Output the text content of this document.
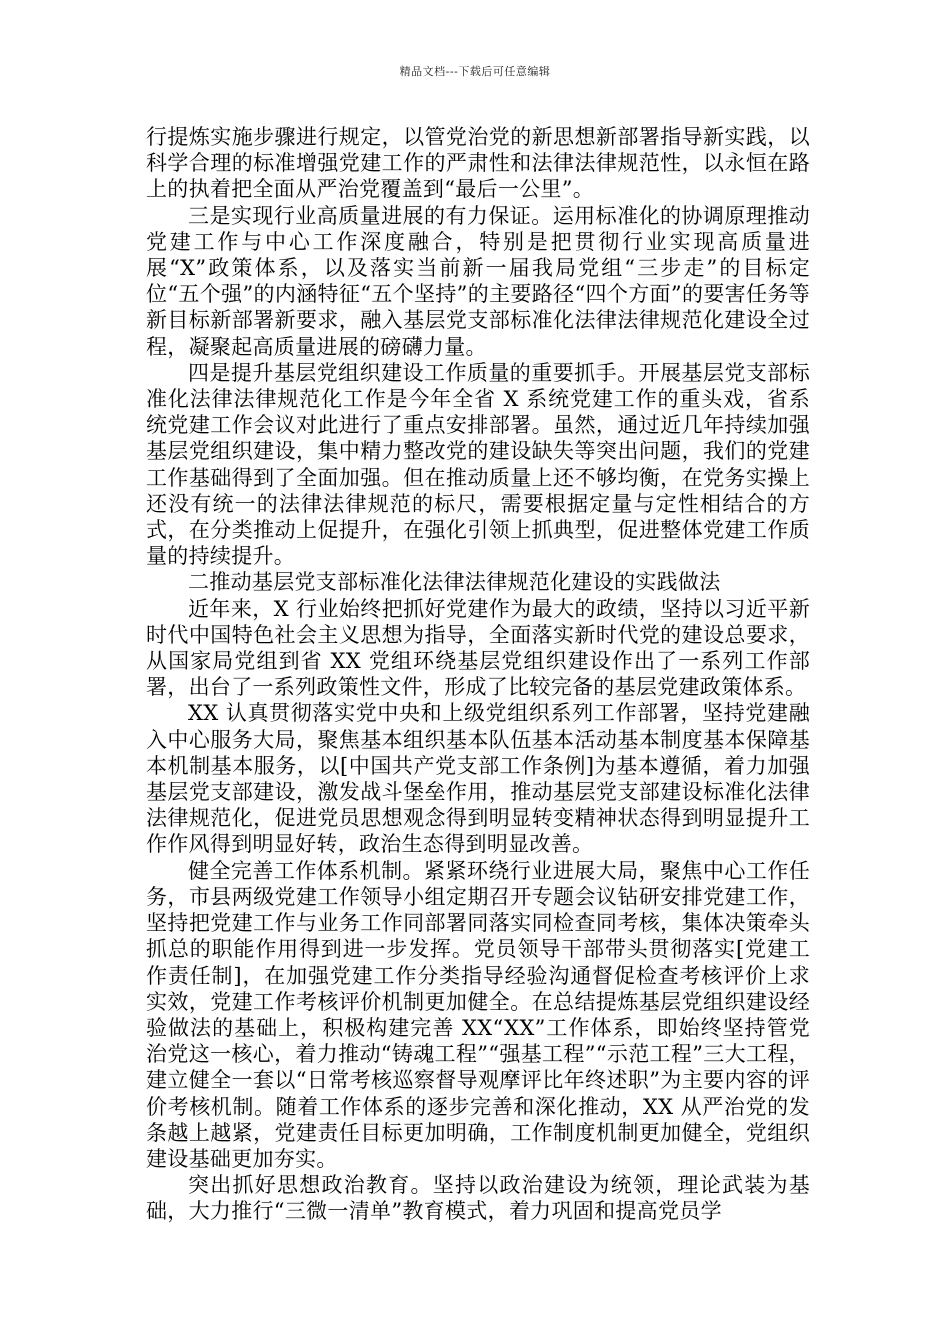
精品文档---下载后可任意编辑

行提炼实施步骤进行规定，以管党治党的新思想新部署指导新实践，以科学合理的标准增强党建工作的严肃性和法律法律规范性，以永恒在路上的执着把全面从严治党覆盖到“最后一公里”。

三是实现行业高质量进展的有力保证。运用标准化的协调原理推动党建工作与中心工作深度融合，特别是把贯彻行业实现高质量进展“X”政策体系，以及落实当前新一届我局党组“三步走”的目标定位“五个强”的内涵特征“五个坚持”的主要路径“四个方面”的要害任务等新目标新部署新要求，融入基层党支部标准化法律法律规范化建设全过程，凝聚起高质量进展的磅礴力量。

四是提升基层党组织建设工作质量的重要抓手。开展基层党支部标准化法律法律规范化工作是今年全省 X 系统党建工作的重头戏，省系统党建工作会议对此进行了重点安排部署。虽然，通过近几年持续加强基层党组织建设，集中精力整改党的建设缺失等突出问题，我们的党建工作基础得到了全面加强。但在推动质量上还不够均衡，在党务实操上还没有统一的法律法律规范的标尺，需要根据定量与定性相结合的方式，在分类推动上促提升，在强化引领上抓典型，促进整体党建工作质量的持续提升。

二推动基层党支部标准化法律法律规范化建设的实践做法

近年来，X 行业始终把抓好党建作为最大的政绩，坚持以习近平新时代中国特色社会主义思想为指导，全面落实新时代党的建设总要求，从国家局党组到省 XX 党组环绕基层党组织建设作出了一系列工作部署，出台了一系列政策性文件，形成了比较完备的基层党建政策体系。

XX 认真贯彻落实党中央和上级党组织系列工作部署，坚持党建融入中心服务大局，聚焦基本组织基本队伍基本活动基本制度基本保障基本机制基本服务，以[中国共产党支部工作条例]为基本遵循，着力加强基层党支部建设，激发战斗堡垒作用，推动基层党支部建设标准化法律法律规范化，促进党员思想观念得到明显转变精神状态得到明显提升工作作风得到明显好转，政治生态得到明显改善。

健全完善工作体系机制。紧紧环绕行业进展大局，聚焦中心工作任务，市县两级党建工作领导小组定期召开专题会议钻研安排党建工作，坚持把党建工作与业务工作同部署同落实同检查同考核，集体决策牵头抓总的职能作用得到进一步发挥。党员领导干部带头贯彻落实[党建工作责任制]，在加强党建工作分类指导经验沟通督促检查考核评价上求实效，党建工作考核评价机制更加健全。在总结提炼基层党组织建设经验做法的基础上，积极构建完善 XX“XX”工作体系，即始终坚持管党治党这一核心，着力推动“铸魂工程”“强基工程”“示范工程”三大工程，建立健全一套以“日常考核巡察督导观摩评比年终述职”为主要内容的评价考核机制。随着工作体系的逐步完善和深化推动，XX 从严治党的发条越上越紧，党建责任目标更加明确，工作制度机制更加健全，党组织建设基础更加夯实。

突出抓好思想政治教育。坚持以政治建设为统领，理论武装为基础，大力推行“三微一清单”教育模式，着力巩固和提高党员学
